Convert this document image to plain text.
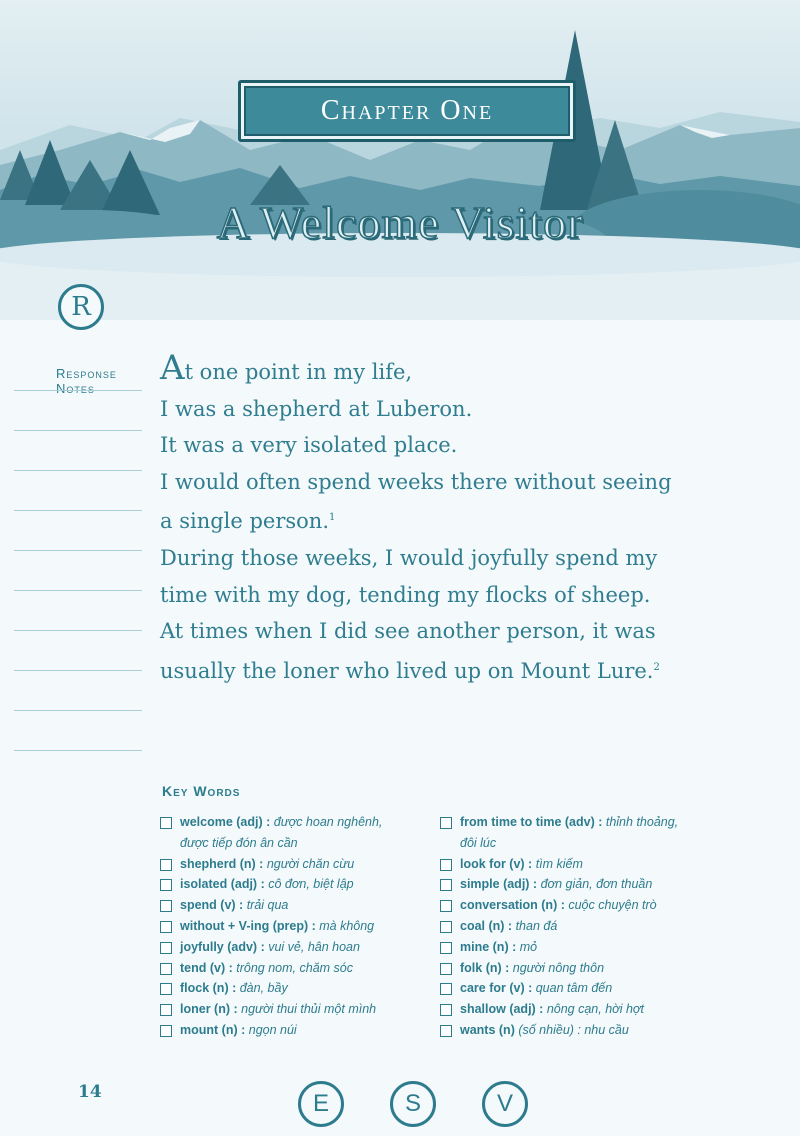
Chapter One
A Welcome Visitor
R
Response Notes
At one point in my life,
I was a shepherd at Luberon.
It was a very isolated place.
I would often spend weeks there without seeing
a single person.$^1$
During those weeks, I would joyfully spend my
time with my dog, tending my flocks of sheep.
At times when I did see another person, it was
usually the loner who lived up on Mount Lure.$^2$
Key Words
welcome (adj) : được hoan nghênh,
được tiếp đón ân cần
shepherd (n) : người chăn cừu
isolated (adj) : cô đơn, biệt lập
spend (v) : trải qua
without + V-ing (prep) : mà không
joyfully (adv) : vui vẻ, hân hoan
tend (v) : trông nom, chăm sóc
flock (n) : đàn, bầy
loner (n) : người thui thủi một mình
mount (n) : ngọn núi
from time to time (adv) : thỉnh thoảng,
đôi lúc
look for (v) : tìm kiếm
simple (adj) : đơn giản, đơn thuần
conversation (n) : cuộc chuyện trò
coal (n) : than đá
mine (n) : mỏ
folk (n) : người nông thôn
care for (v) : quan tâm đến
shallow (adj) : nông cạn, hời hợt
wants (n) (số nhiều) : nhu cầu
14	E	S	V
